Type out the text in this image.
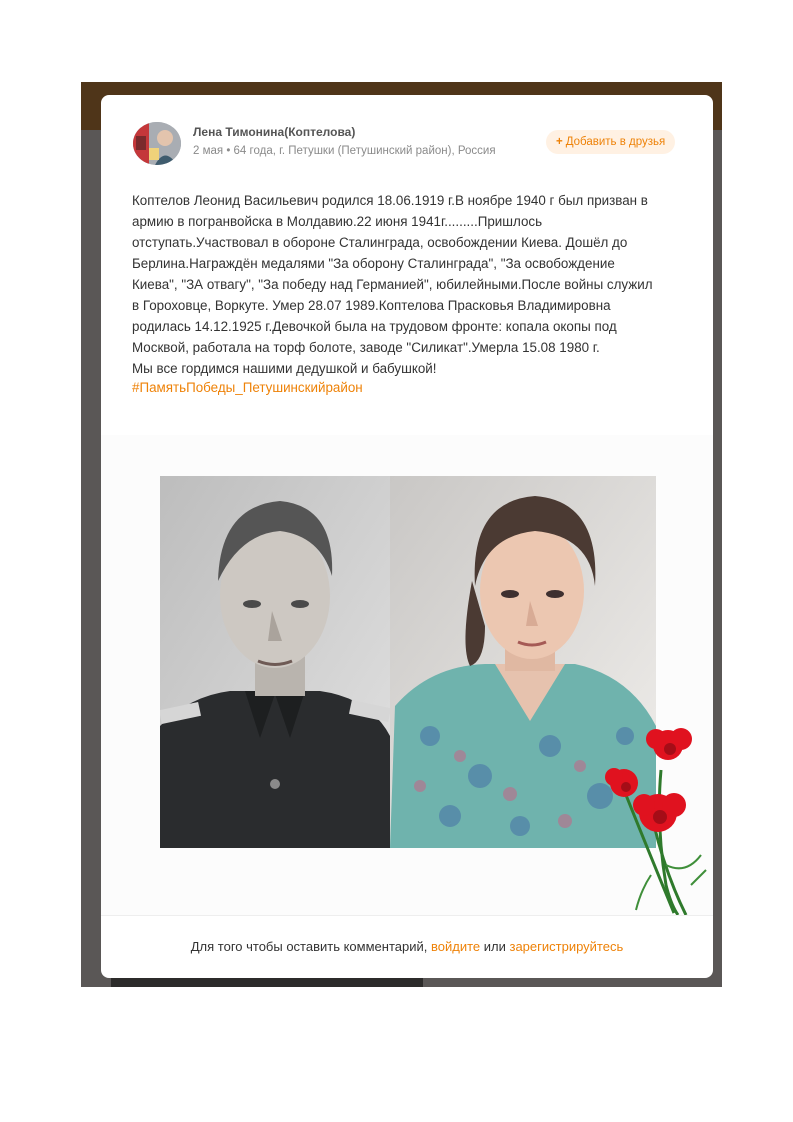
Лена Тимонина(Коптелова)
2 мая • 64 года, г. Петушки (Петушинский район), Россия
+ Добавить в друзья
Коптелов Леонид Васильевич родился 18.06.1919 г.В ноябре 1940 г был призван в
армию в погранвойска в Молдавию.22 июня 1941г.........Пришлось
отступать.Участвовал в обороне Сталинграда, освобождении Киева. Дошёл до
Берлина.Награждён медалями "За оборону Сталинграда", "За освобождение
Киева", "ЗА отвагу", "За победу над Германией", юбилейными.После войны служил
в Гороховце, Воркуте. Умер 28.07 1989.Коптелова Прасковья Владимировна
родилась 14.12.1925 г.Девочкой была на трудовом фронте: копала окопы под
Москвой, работала на торф болоте, заводе "Силикат".Умерла 15.08 1980 г.
Мы все гордимся нашими дедушкой и бабушкой!
#ПамятьПобеды_Петушинскийрайон
Для того чтобы оставить комментарий, войдите или зарегистрируйтесь
